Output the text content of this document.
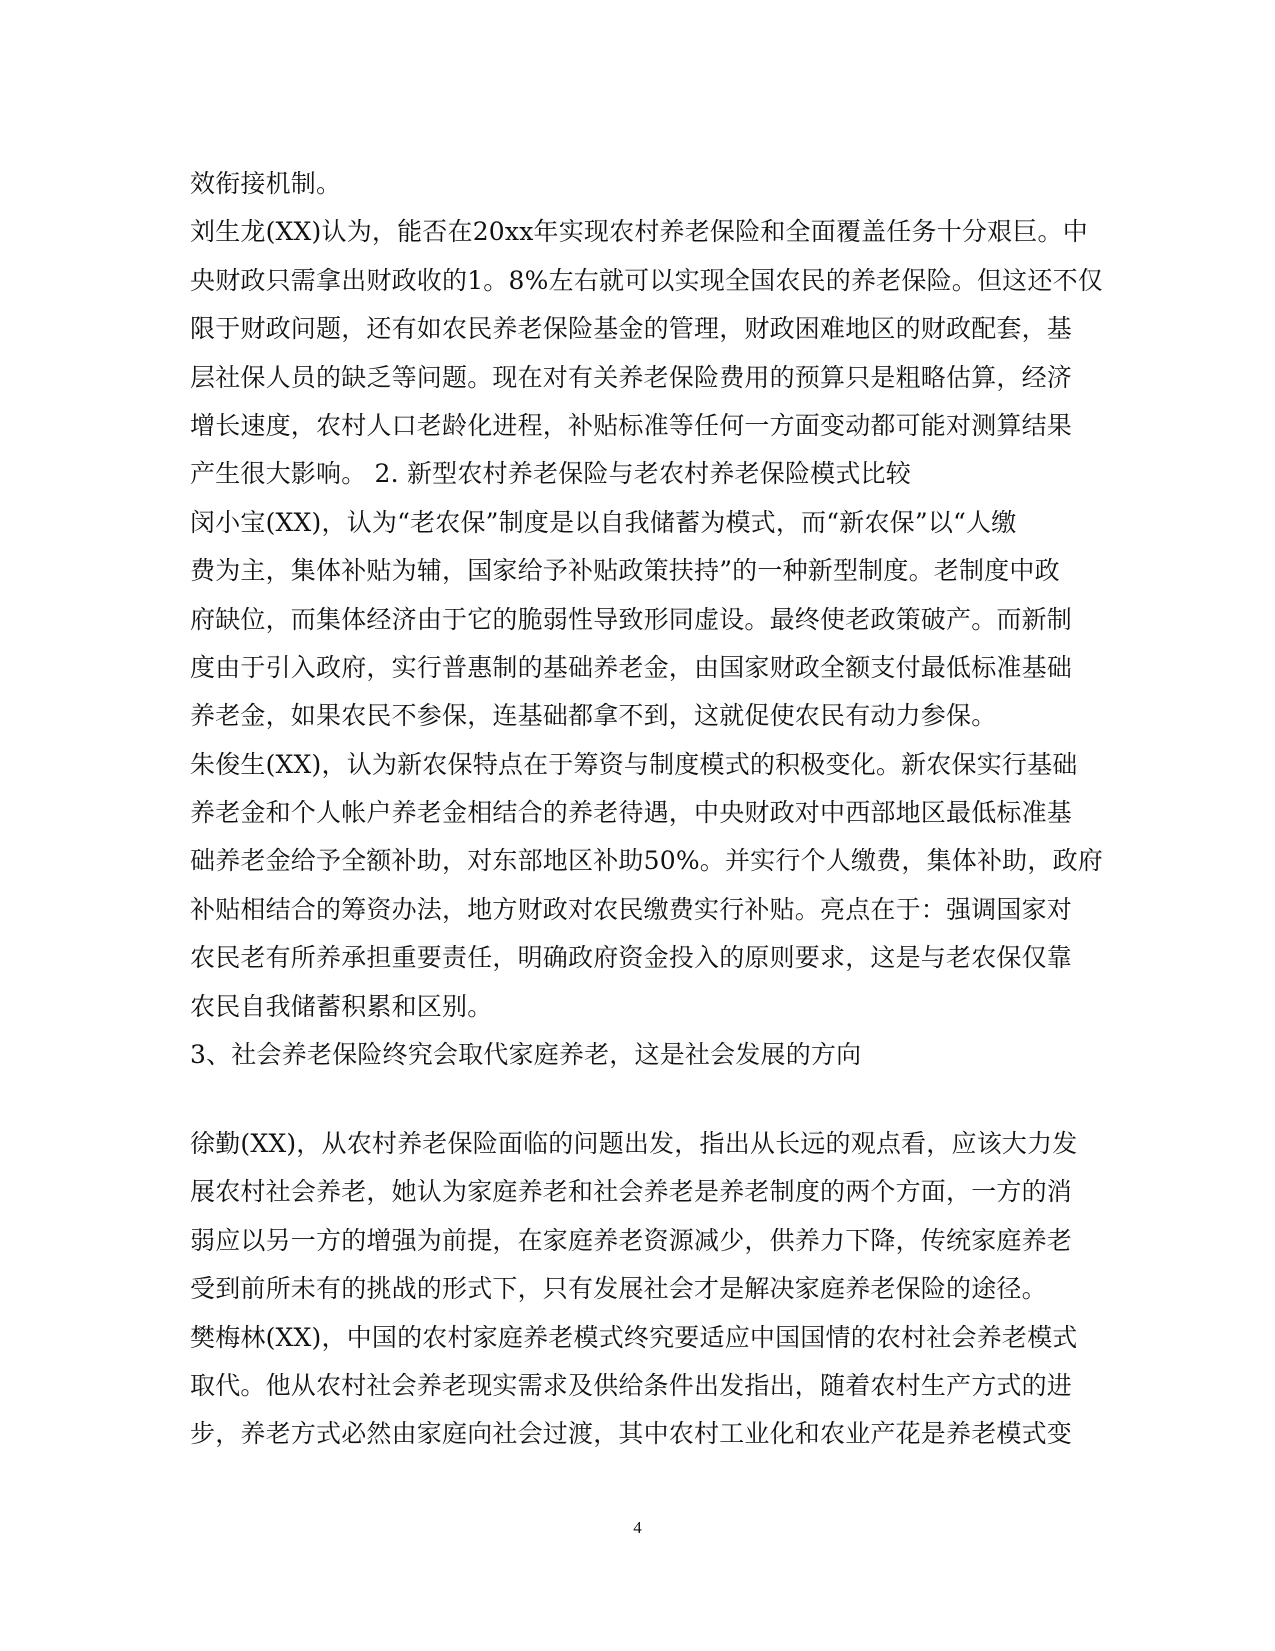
效衔接机制。
刘生龙(XX)认为，能否在20xx年实现农村养老保险和全面覆盖任务十分艰巨。中
央财政只需拿出财政收的1。8%左右就可以实现全国农民的养老保险。但这还不仅
限于财政问题，还有如农民养老保险基金的管理，财政困难地区的财政配套，基
层社保人员的缺乏等问题。现在对有关养老保险费用的预算只是粗略估算，经济
增长速度，农村人口老龄化进程，补贴标准等任何一方面变动都可能对测算结果
产生很大影响。 2. 新型农村养老保险与老农村养老保险模式比较
闵小宝(XX)，认为“老农保”制度是以自我储蓄为模式，而“新农保”以“人缴
费为主，集体补贴为辅，国家给予补贴政策扶持”的一种新型制度。老制度中政
府缺位，而集体经济由于它的脆弱性导致形同虚设。最终使老政策破产。而新制
度由于引入政府，实行普惠制的基础养老金，由国家财政全额支付最低标准基础
养老金，如果农民不参保，连基础都拿不到，这就促使农民有动力参保。
朱俊生(XX)，认为新农保特点在于筹资与制度模式的积极变化。新农保实行基础
养老金和个人帐户养老金相结合的养老待遇，中央财政对中西部地区最低标准基
础养老金给予全额补助，对东部地区补助50%。并实行个人缴费，集体补助，政府
补贴相结合的筹资办法，地方财政对农民缴费实行补贴。亮点在于：强调国家对
农民老有所养承担重要责任，明确政府资金投入的原则要求，这是与老农保仅靠
农民自我储蓄积累和区别。
3、社会养老保险终究会取代家庭养老，这是社会发展的方向
徐勤(XX)，从农村养老保险面临的问题出发，指出从长远的观点看，应该大力发
展农村社会养老，她认为家庭养老和社会养老是养老制度的两个方面，一方的消
弱应以另一方的增强为前提，在家庭养老资源减少，供养力下降，传统家庭养老
受到前所未有的挑战的形式下，只有发展社会才是解决家庭养老保险的途径。
樊梅林(XX)，中国的农村家庭养老模式终究要适应中国国情的农村社会养老模式
取代。他从农村社会养老现实需求及供给条件出发指出，随着农村生产方式的进
步，养老方式必然由家庭向社会过渡，其中农村工业化和农业产花是养老模式变
4
